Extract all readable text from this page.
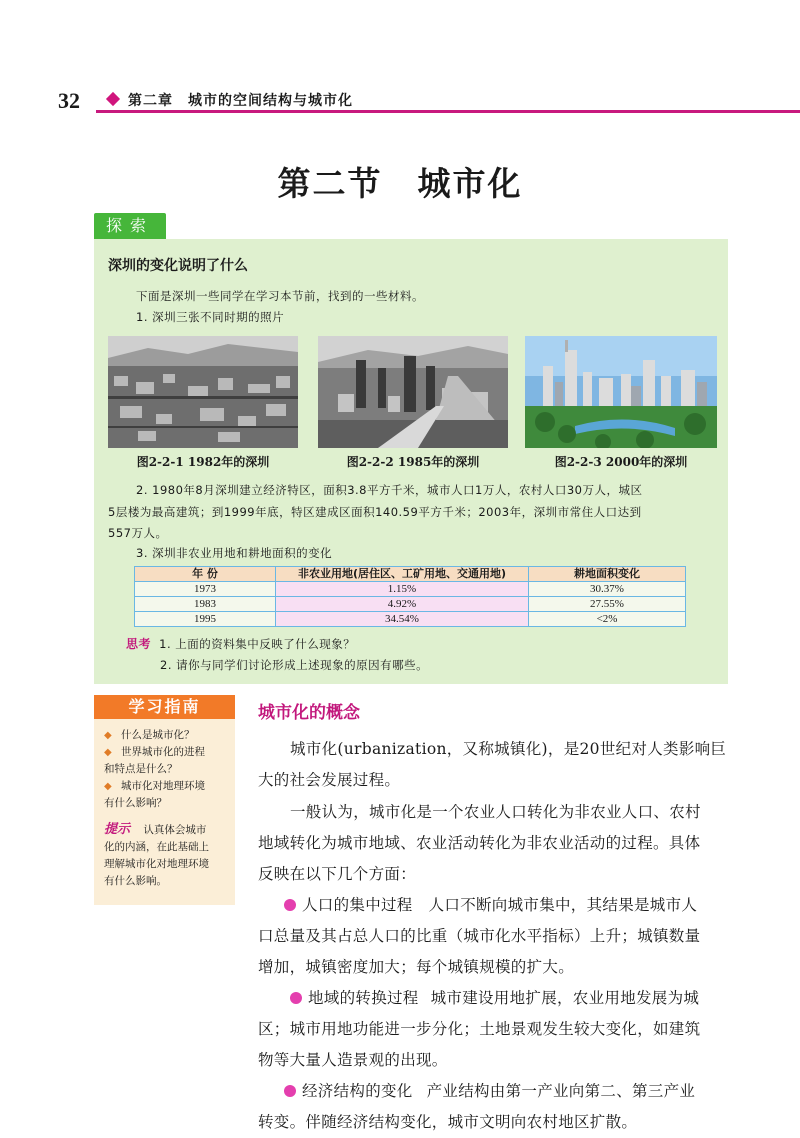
32	第二章　城市的空间结构与城市化
第二节　城市化
探索
深圳的变化说明了什么
下面是深圳一些同学在学习本节前，找到的一些材料。
1. 深圳三张不同时期的照片
图2-2-1 1982年的深圳	图2-2-2 1985年的深圳	图2-2-3 2000年的深圳
2. 1980年8月深圳建立经济特区，面积3.8平方千米，城市人口1万人，农村人口30万人，城区
5层楼为最高建筑；到1999年底，特区建成区面积140.59平方千米；2003年，深圳市常住人口达到
557万人。
3. 深圳非农业用地和耕地面积的变化
年 份	非农业用地(居住区、工矿用地、交通用地)	耕地面积变化
1973	1.15%	30.37%
1983	4.92%	27.55%
1995	34.54%	<2%
思考 1. 上面的资料集中反映了什么现象？
2. 请你与同学们讨论形成上述现象的原因有哪些。
学习指南
◆ 什么是城市化？
◆ 世界城市化的进程
和特点是什么？
◆ 城市化对地理环境
有什么影响？
提示 认真体会城市
化的内涵，在此基础上
理解城市化对地理环境
有什么影响。
城市化的概念
城市化(urbanization，又称城镇化)，是20世纪对人类影响巨
大的社会发展过程。
一般认为，城市化是一个农业人口转化为非农业人口、农村
地域转化为城市地域、农业活动转化为非农业活动的过程。具体
反映在以下几个方面：
人口的集中过程 人口不断向城市集中，其结果是城市人
口总量及其占总人口的比重（城市化水平指标）上升；城镇数量
增加，城镇密度加大；每个城镇规模的扩大。
地域的转换过程 城市建设用地扩展，农业用地发展为城
区；城市用地功能进一步分化；土地景观发生较大变化，如建筑
物等大量人造景观的出现。
经济结构的变化 产业结构由第一产业向第二、第三产业
转变。伴随经济结构变化，城市文明向农村地区扩散。
